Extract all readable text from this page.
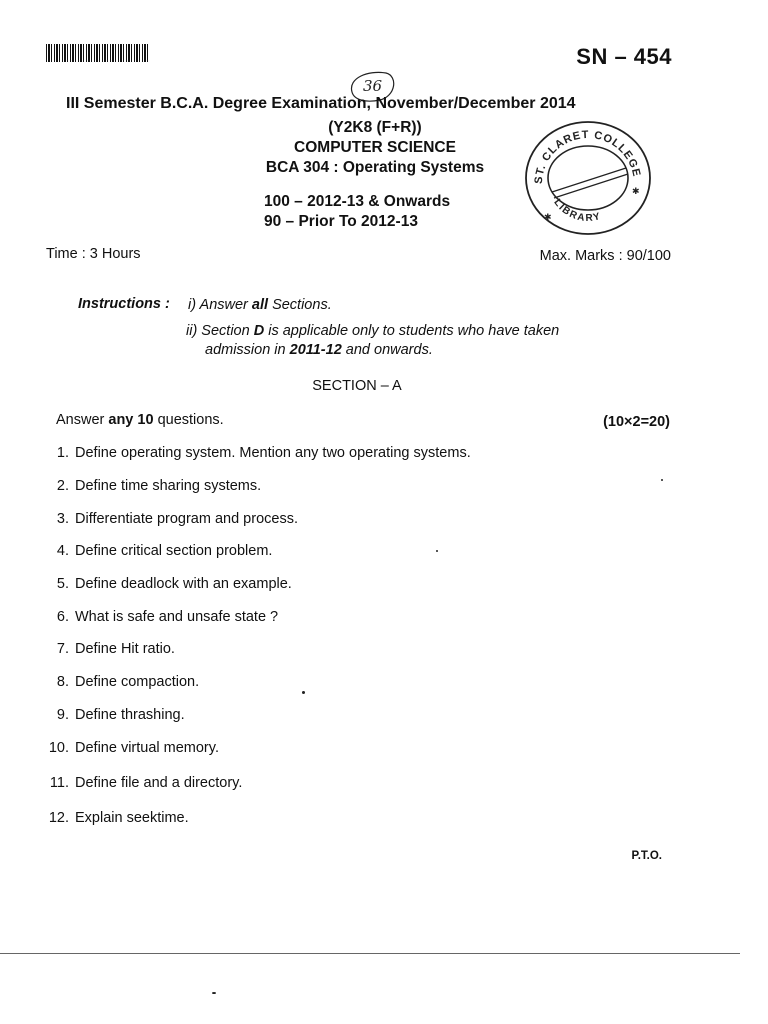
SN – 454
36
III Semester B.C.A. Degree Examination, November/December 2014
(Y2K8 (F+R))
COMPUTER SCIENCE
BCA 304 : Operating Systems
100 – 2012-13 & Onwards
90 – Prior To 2012-13
ST. CLARET COLLEGE
LIBRARY
✱
✱
Time : 3 Hours	Max. Marks : 90/100
Instructions : i) Answer all Sections.
ii) Section D is applicable only to students who have taken
admission in 2011-12 and onwards.
SECTION – A
Answer any 10 questions.	(10×2=20)
1. Define operating system. Mention any two operating systems.
2. Define time sharing systems.
3. Differentiate program and process.
4. Define critical section problem.
5. Define deadlock with an example.
6. What is safe and unsafe state ?
7. Define Hit ratio.
8. Define compaction.
9. Define thrashing.
10. Define virtual memory.
11. Define file and a directory.
12. Explain seektime.
P.T.O.
